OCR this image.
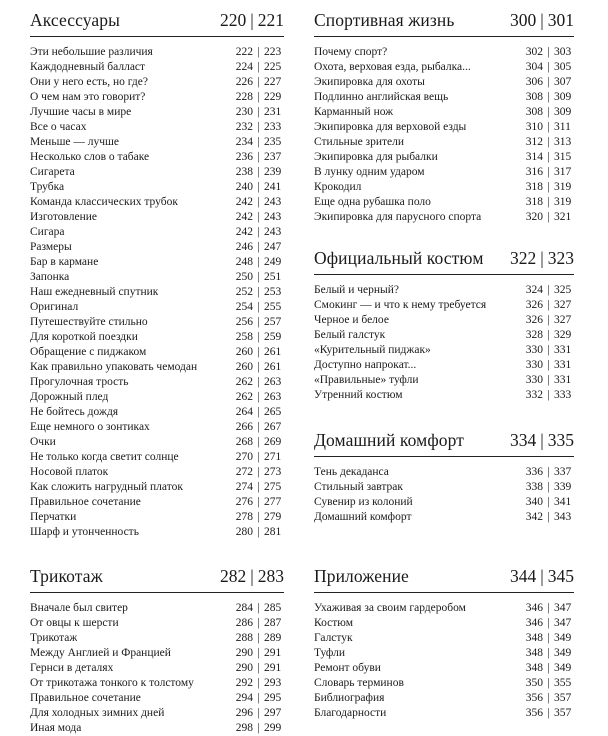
Аксессуары	220 | 221
Эти небольшие различия	222 | 223
Каждодневный балласт	224 | 225
Они у него есть, но где?	226 | 227
О чем нам это говорит?	228 | 229
Лучшие часы в мире	230 | 231
Все о часах	232 | 233
Меньше — лучше	234 | 235
Несколько слов о табаке	236 | 237
Сигарета	238 | 239
Трубка	240 | 241
Команда классических трубок	242 | 243
Изготовление	242 | 243
Сигара	242 | 243
Размеры	246 | 247
Бар в кармане	248 | 249
Запонка	250 | 251
Наш ежедневный спутник	252 | 253
Оригинал	254 | 255
Путешествуйте стильно	256 | 257
Для короткой поездки	258 | 259
Обращение с пиджаком	260 | 261
Как правильно упаковать чемодан	260 | 261
Прогулочная трость	262 | 263
Дорожный плед	262 | 263
Не бойтесь дождя	264 | 265
Еще немного о зонтиках	266 | 267
Очки	268 | 269
Не только когда светит солнце	270 | 271
Носовой платок	272 | 273
Как сложить нагрудный платок	274 | 275
Правильное сочетание	276 | 277
Перчатки	278 | 279
Шарф и утонченность	280 | 281
Трикотаж	282 | 283
Вначале был свитер	284 | 285
От овцы к шерсти	286 | 287
Трикотаж	288 | 289
Между Англией и Францией	290 | 291
Гернси в деталях	290 | 291
От трикотажа тонкого к толстому	292 | 293
Правильное сочетание	294 | 295
Для холодных зимних дней	296 | 297
Иная мода	298 | 299
Спортивная жизнь	300 | 301
Почему спорт?	302 | 303
Охота, верховая езда, рыбалка...	304 | 305
Экипировка для охоты	306 | 307
Подлинно английская вещь	308 | 309
Карманный нож	308 | 309
Экипировка для верховой езды	310 | 311
Стильные зрители	312 | 313
Экипировка для рыбалки	314 | 315
В лунку одним ударом	316 | 317
Крокодил	318 | 319
Еще одна рубашка поло	318 | 319
Экипировка для парусного спорта	320 | 321
Официальный костюм 322 | 323
Белый и черный?	324 | 325
Смокинг — и что к нему требуется	326 | 327
Черное и белое	326 | 327
Белый галстук	328 | 329
«Курительный пиджак»	330 | 331
Доступно напрокат...	330 | 331
«Правильные» туфли	330 | 331
Утренний костюм	332 | 333
Домашний комфорт	334 | 335
Тень декаданса	336 | 337
Стильный завтрак	338 | 339
Сувенир из колоний	340 | 341
Домашний комфорт	342 | 343
Приложение	344 | 345
Ухаживая за своим гардеробом	346 | 347
Костюм	346 | 347
Галстук	348 | 349
Туфли	348 | 349
Ремонт обуви	348 | 349
Словарь терминов	350 | 355
Библиография	356 | 357
Благодарности	356 | 357
